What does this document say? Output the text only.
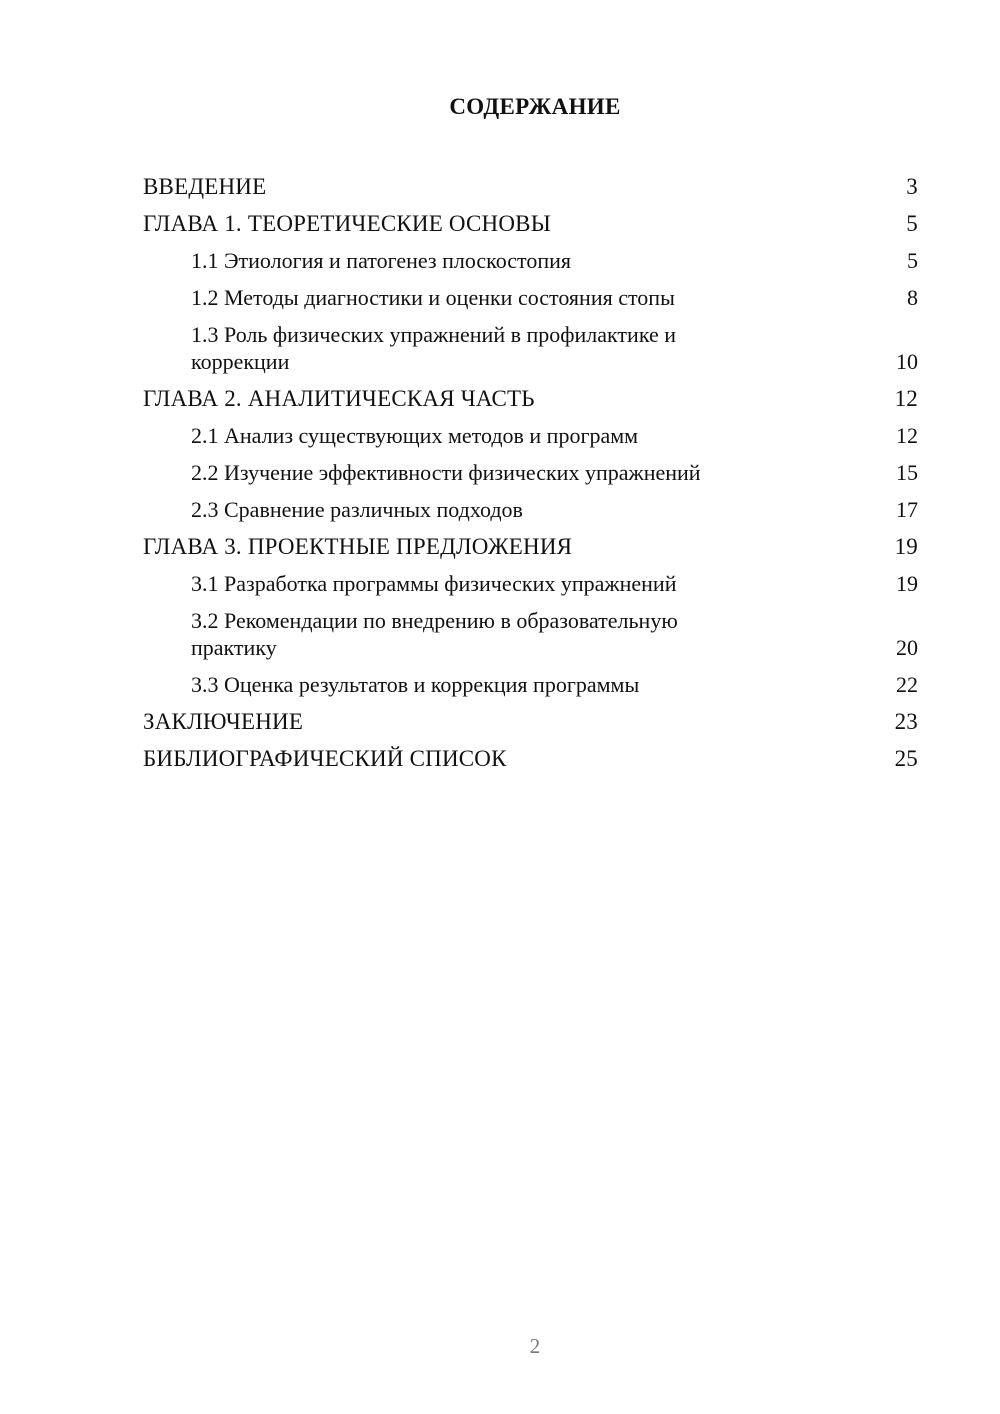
СОДЕРЖАНИЕ
ВВЕДЕНИЕ	3
ГЛАВА 1. ТЕОРЕТИЧЕСКИЕ ОСНОВЫ	5
1.1 Этиология и патогенез плоскостопия	5
1.2 Методы диагностики и оценки состояния стопы	8
1.3 Роль физических упражнений в профилактике и коррекции	10
ГЛАВА 2. АНАЛИТИЧЕСКАЯ ЧАСТЬ	12
2.1 Анализ существующих методов и программ	12
2.2 Изучение эффективности физических упражнений	15
2.3 Сравнение различных подходов	17
ГЛАВА 3. ПРОЕКТНЫЕ ПРЕДЛОЖЕНИЯ	19
3.1 Разработка программы физических упражнений	19
3.2 Рекомендации по внедрению в образовательную практику	20
3.3 Оценка результатов и коррекция программы	22
ЗАКЛЮЧЕНИЕ	23
БИБЛИОГРАФИЧЕСКИЙ СПИСОК	25
2
